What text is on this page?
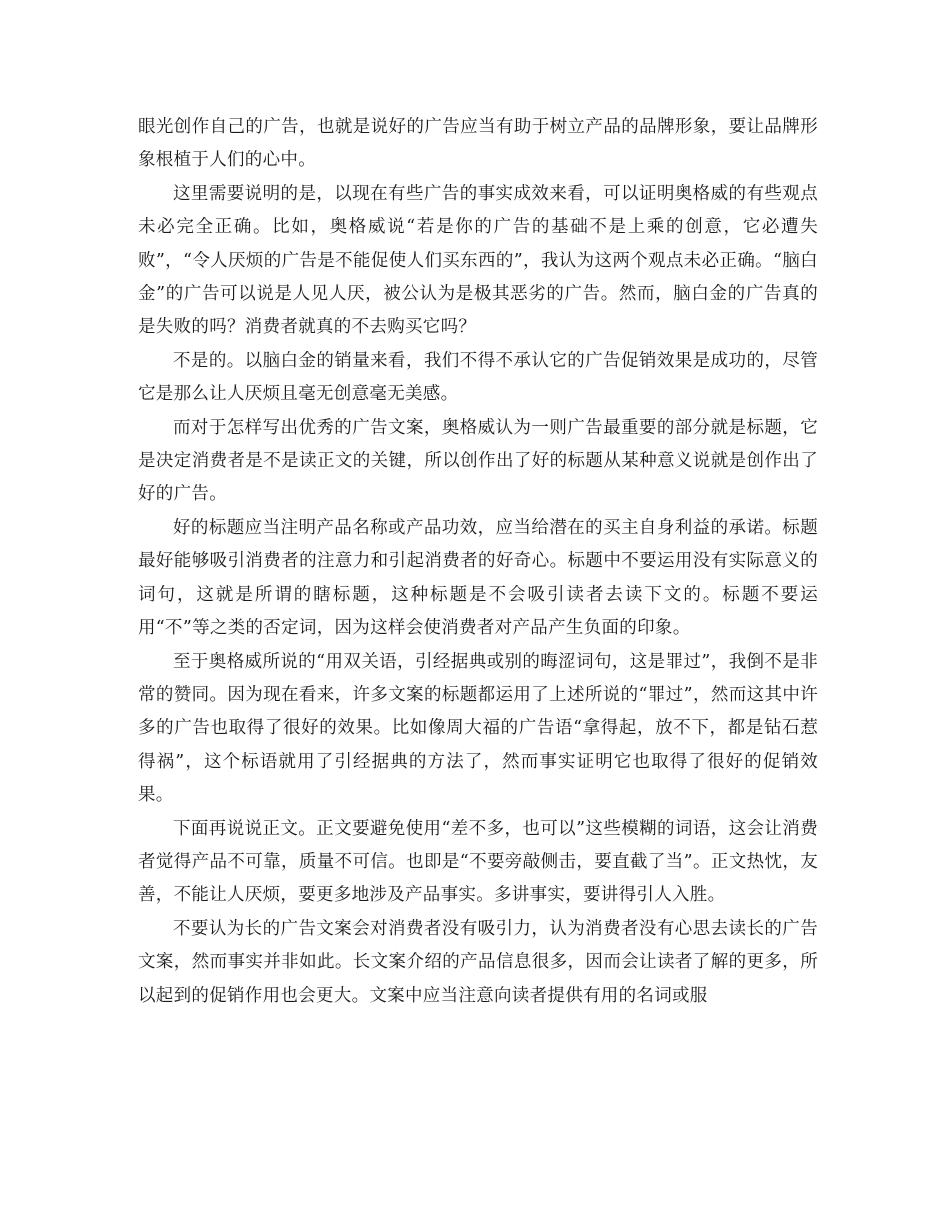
眼光创作自己的广告，也就是说好的广告应当有助于树立产品的品牌形象，要让品牌形象根植于人们的心中。

这里需要说明的是，以现在有些广告的事实成效来看，可以证明奥格威的有些观点未必完全正确。比如，奥格威说“若是你的广告的基础不是上乘的创意，它必遭失败”，“令人厌烦的广告是不能促使人们买东西的”，我认为这两个观点未必正确。“脑白金”的广告可以说是人见人厌，被公认为是极其恶劣的广告。然而，脑白金的广告真的是失败的吗？消费者就真的不去购买它吗？

不是的。以脑白金的销量来看，我们不得不承认它的广告促销效果是成功的，尽管它是那么让人厌烦且毫无创意毫无美感。

而对于怎样写出优秀的广告文案，奥格威认为一则广告最重要的部分就是标题，它是决定消费者是不是读正文的关键，所以创作出了好的标题从某种意义说就是创作出了好的广告。

好的标题应当注明产品名称或产品功效，应当给潜在的买主自身利益的承诺。标题最好能够吸引消费者的注意力和引起消费者的好奇心。标题中不要运用没有实际意义的词句，这就是所谓的瞎标题，这种标题是不会吸引读者去读下文的。标题不要运用“不”等之类的否定词，因为这样会使消费者对产品产生负面的印象。

至于奥格威所说的“用双关语，引经据典或别的晦涩词句，这是罪过”，我倒不是非常的赞同。因为现在看来，许多文案的标题都运用了上述所说的“罪过”，然而这其中许多的广告也取得了很好的效果。比如像周大福的广告语“拿得起，放不下，都是钻石惹得祸”，这个标语就用了引经据典的方法了，然而事实证明它也取得了很好的促销效果。

下面再说说正文。正文要避免使用“差不多，也可以”这些模糊的词语，这会让消费者觉得产品不可靠，质量不可信。也即是“不要旁敲侧击，要直截了当”。正文热忱，友善，不能让人厌烦，要更多地涉及产品事实。多讲事实，要讲得引人入胜。

不要认为长的广告文案会对消费者没有吸引力，认为消费者没有心思去读长的广告文案，然而事实并非如此。长文案介绍的产品信息很多，因而会让读者了解的更多，所以起到的促销作用也会更大。文案中应当注意向读者提供有用的名词或服
